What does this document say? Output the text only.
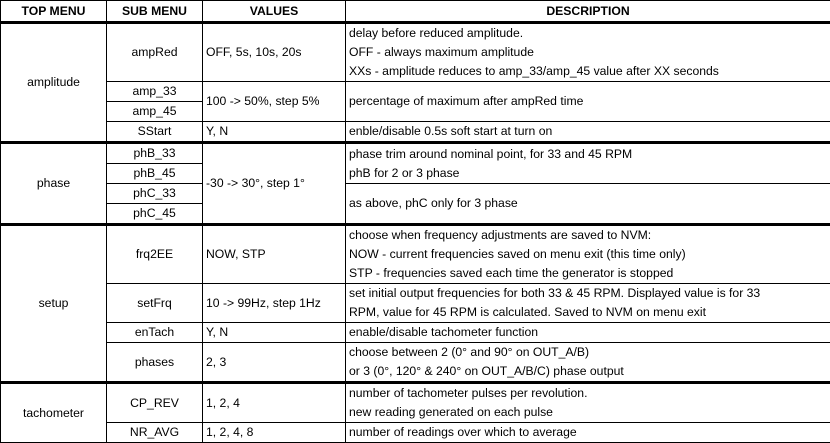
TOP MENU	SUB MENU	VALUES	DESCRIPTION
amplitude	ampRed	OFF, 5s, 10s, 20s	delay before reduced amplitude.
OFF - always maximum amplitude
XXs - amplitude reduces to amp_33/amp_45 value after XX seconds

	amp_33	100 -> 50%, step 5%	percentage of maximum after ampRed time
	amp_45		
	SStart	Y, N	enble/disable 0.5s soft start at turn on
phase	phB_33	-30 -> 30°, step 1°	phase trim around nominal point, for 33 and 45 RPM
phB for 2 or 3 phase

	phB_45		
	phC_33		as above, phC only for 3 phase
	phC_45		
setup	frq2EE	NOW, STP	choose when frequency adjustments are saved to NVM:
NOW - current frequencies saved on menu exit (this time only)
STP - frequencies saved each time the generator is stopped

	setFrq	10 -> 99Hz, step 1Hz	set initial output frequencies for both 33 & 45 RPM. Displayed value is for 33
RPM, value for 45 RPM is calculated. Saved to NVM on menu exit

	enTach	Y, N	enable/disable tachometer function
	phases	2, 3	choose between 2 (0° and 90° on OUT_A/B)
or 3 (0°, 120° & 240° on OUT_A/B/C) phase output

tachometer	CP_REV	1, 2, 4	number of tachometer pulses per revolution.
new reading generated on each pulse

	NR_AVG	1, 2, 4, 8	number of readings over which to average
